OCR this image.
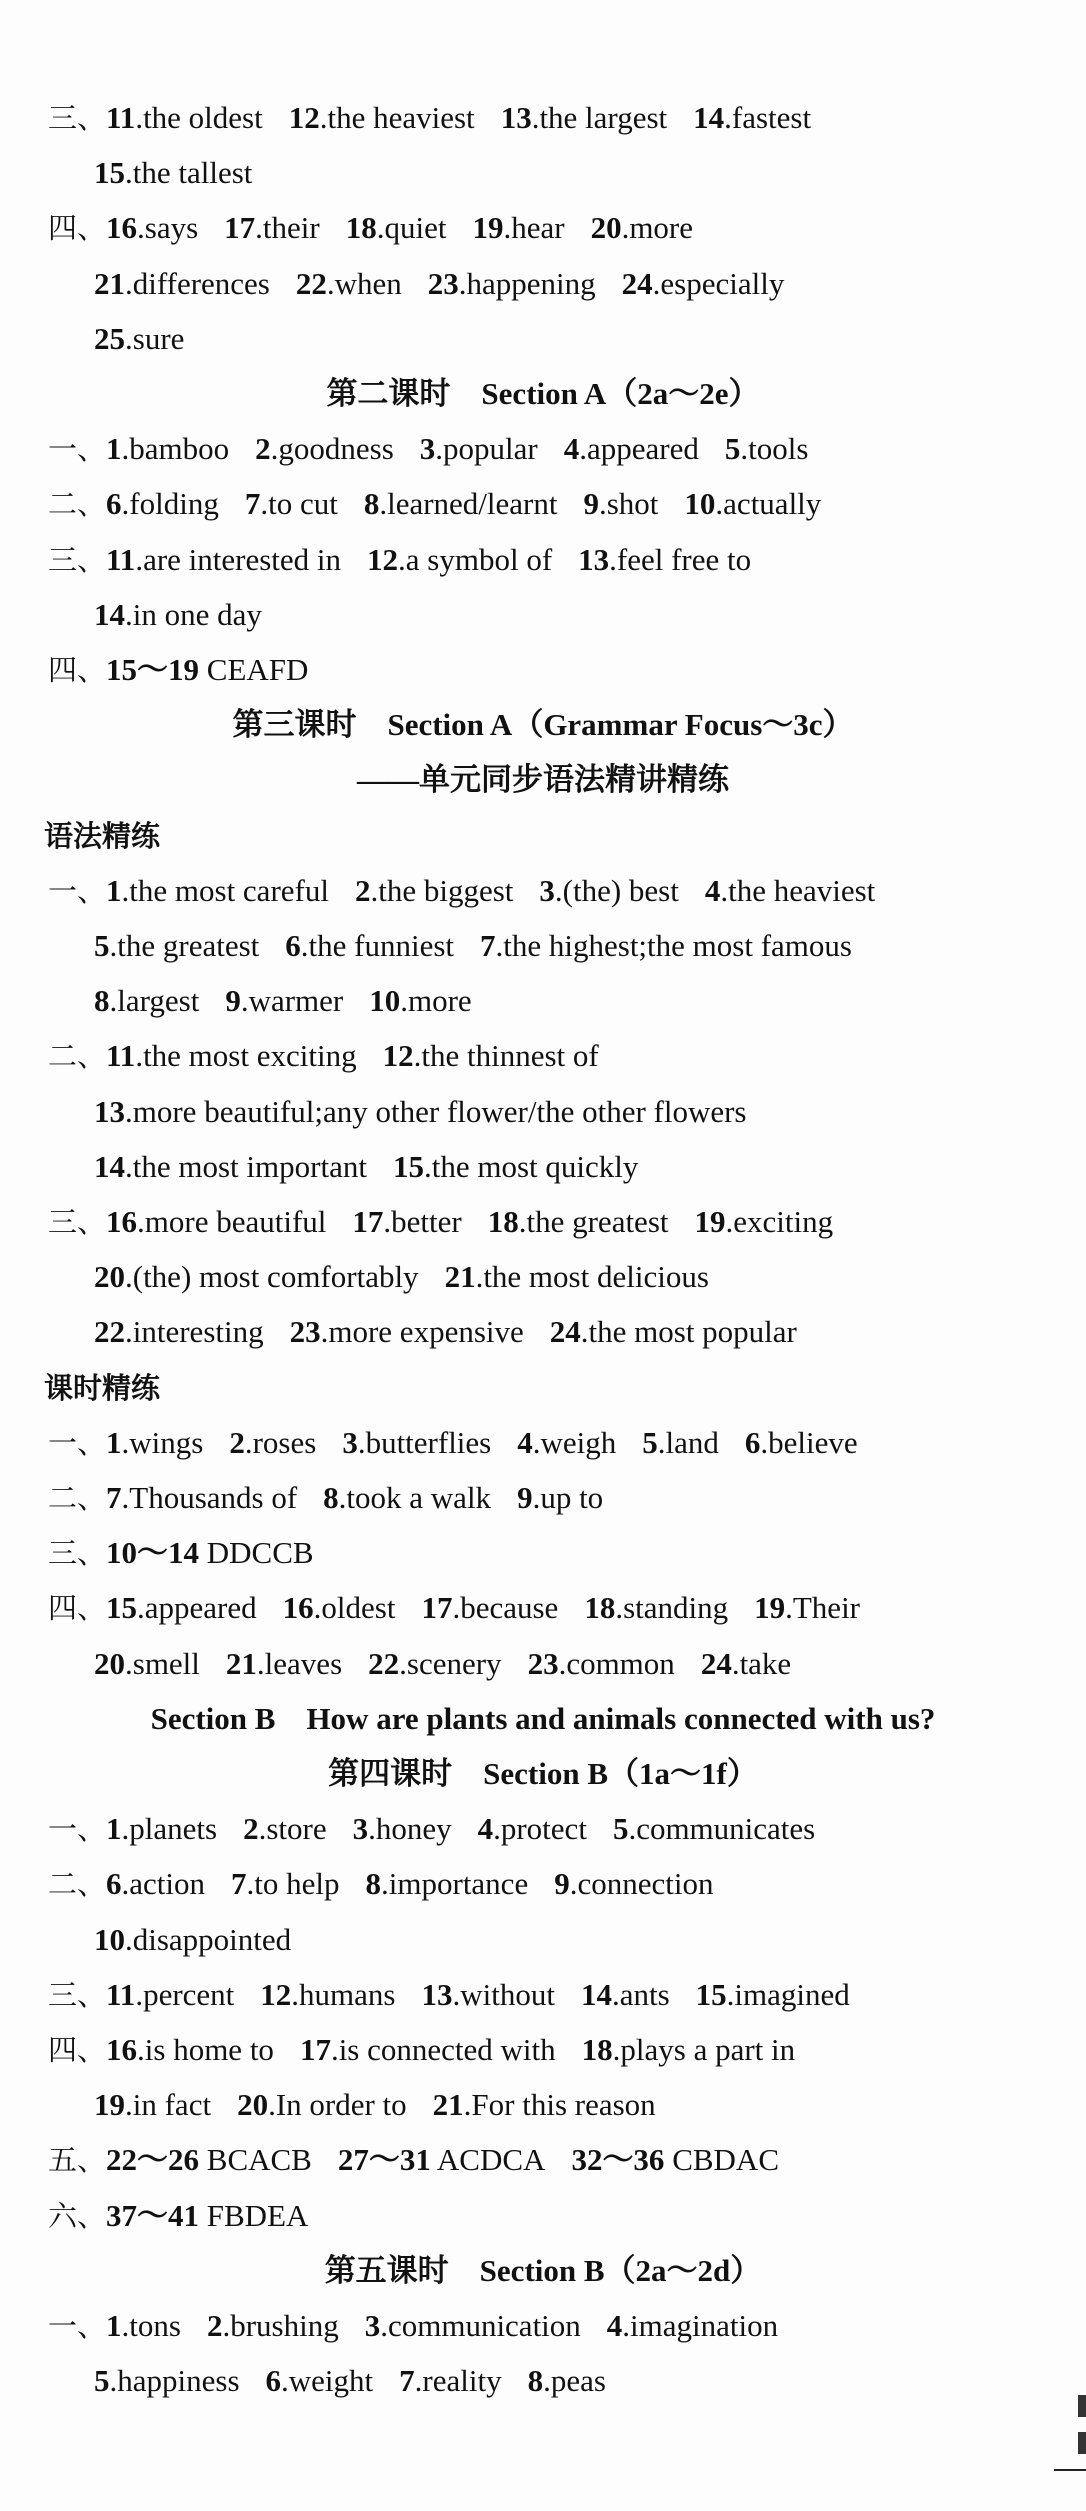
三、11.the oldest 12.the heaviest 13.the largest 14.fastest
15.the tallest
四、16.says 17.their 18.quiet 19.hear 20.more
21.differences 22.when 23.happening 24.especially
25.sure
第二课时　Section A（2a～2e）
一、1.bamboo 2.goodness 3.popular 4.appeared 5.tools
二、6.folding 7.to cut 8.learned/learnt 9.shot 10.actually
三、11.are interested in 12.a symbol of 13.feel free to
14.in one day
四、15～19 CEAFD
第三课时　Section A（Grammar Focus～3c）
——单元同步语法精讲精练
语法精练
一、1.the most careful 2.the biggest 3.(the) best 4.the heaviest
5.the greatest 6.the funniest 7.the highest;the most famous
8.largest 9.warmer 10.more
二、11.the most exciting 12.the thinnest of
13.more beautiful;any other flower/the other flowers
14.the most important 15.the most quickly
三、16.more beautiful 17.better 18.the greatest 19.exciting
20.(the) most comfortably 21.the most delicious
22.interesting 23.more expensive 24.the most popular
课时精练
一、1.wings 2.roses 3.butterflies 4.weigh 5.land 6.believe
二、7.Thousands of 8.took a walk 9.up to
三、10～14 DDCCB
四、15.appeared 16.oldest 17.because 18.standing 19.Their
20.smell 21.leaves 22.scenery 23.common 24.take
Section B　How are plants and animals connected with us?
第四课时　Section B（1a～1f）
一、1.planets 2.store 3.honey 4.protect 5.communicates
二、6.action 7.to help 8.importance 9.connection
10.disappointed
三、11.percent 12.humans 13.without 14.ants 15.imagined
四、16.is home to 17.is connected with 18.plays a part in
19.in fact 20.In order to 21.For this reason
五、22～26 BCACB 27～31 ACDCA 32～36 CBDAC
六、37～41 FBDEA
第五课时　Section B（2a～2d）
一、1.tons 2.brushing 3.communication 4.imagination
5.happiness 6.weight 7.reality 8.peas
